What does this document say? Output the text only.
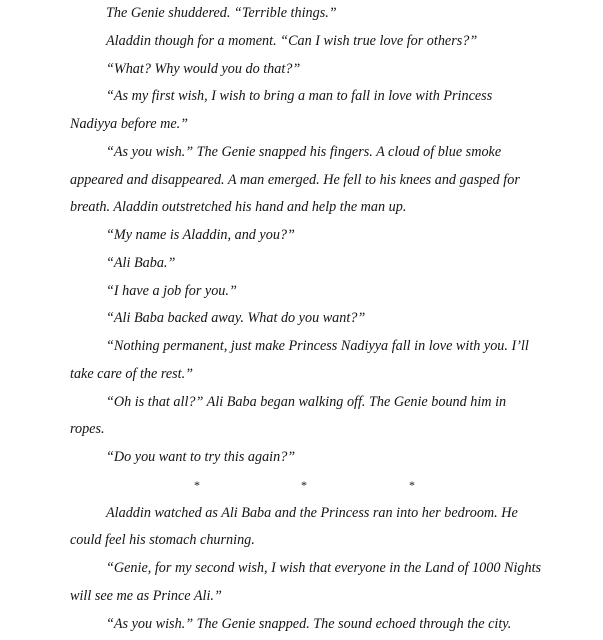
The Genie shuddered. “Terrible things.”

Aladdin though for a moment. “Can I wish true love for others?”

“What? Why would you do that?”

“As my first wish, I wish to bring a man to fall in love with Princess Nadiyya before me.”

“As you wish.” The Genie snapped his fingers. A cloud of blue smoke appeared and disappeared. A man emerged. He fell to his knees and gasped for breath. Aladdin outstretched his hand and help the man up.

“My name is Aladdin, and you?”

“Ali Baba.”

“I have a job for you.”

“Ali Baba backed away. What do you want?”

“Nothing permanent, just make Princess Nadiyya fall in love with you. I’ll take care of the rest.”

“Oh is that all?” Ali Baba began walking off. The Genie bound him in ropes.

“Do you want to try this again?”

*	*	*

Aladdin watched as Ali Baba and the Princess ran into her bedroom. He could feel his stomach churning.

“Genie, for my second wish, I wish that everyone in the Land of 1000 Nights will see me as Prince Ali.”

“As you wish.” The Genie snapped. The sound echoed through the city.
